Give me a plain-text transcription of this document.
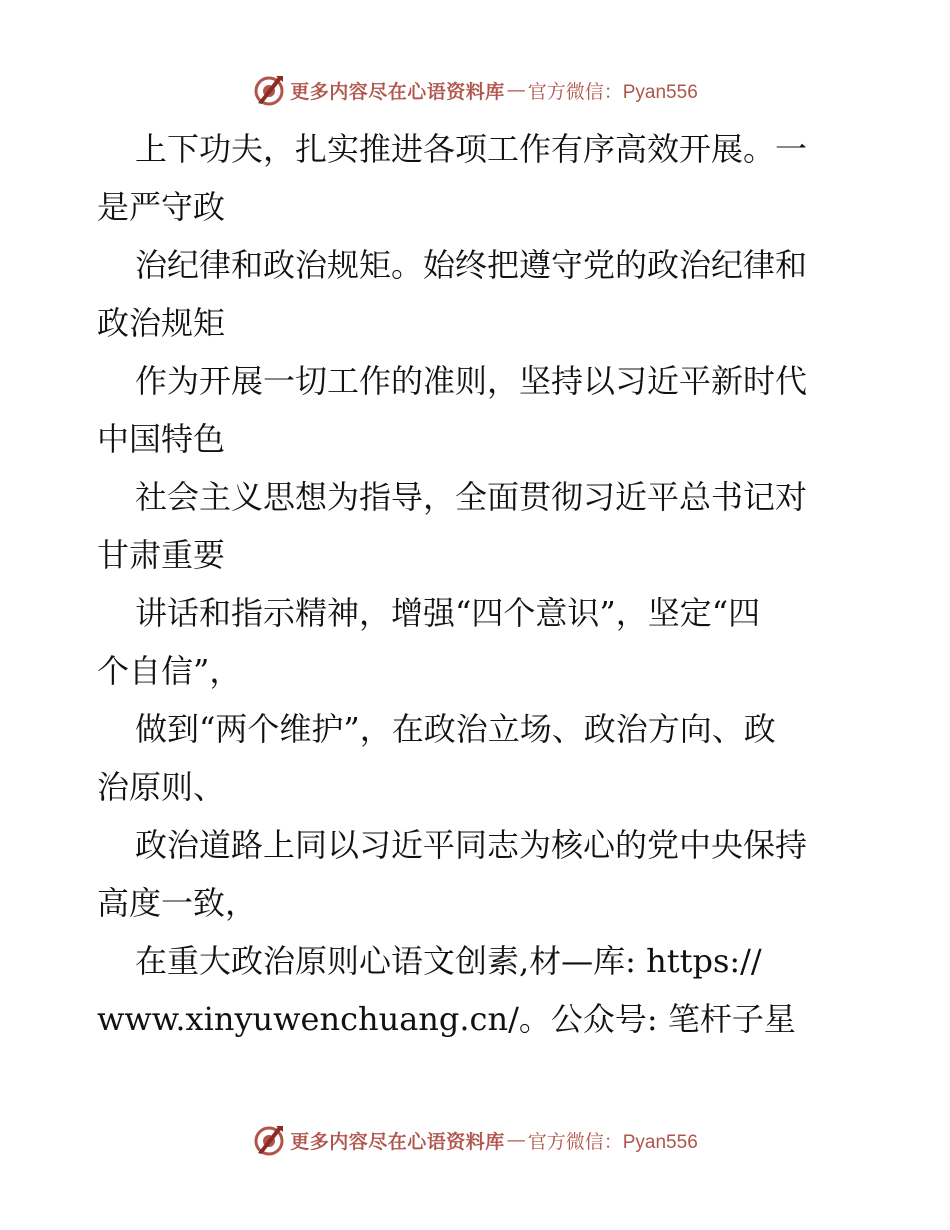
更多内容尽在心语资料库 — 官方微信：Pyan556
上下功夫，扎实推进各项工作有序高效开展。一
是严守政
治纪律和政治规矩。始终把遵守党的政治纪律和
政治规矩
作为开展一切工作的准则，坚持以习近平新时代
中国特色
社会主义思想为指导，全面贯彻习近平总书记对
甘肃重要
讲话和指示精神，增强“四个意识”，坚定“四
个自信”，
做到“两个维护”，在政治立场、政治方向、政
治原则、
政治道路上同以习近平同志为核心的党中央保持
高度一致，
在重大政治原则心语文创素,材—库: https://
www.xinyuwenchuang.cn/。公众号: 笔杆子星
更多内容尽在心语资料库 — 官方微信：Pyan556
